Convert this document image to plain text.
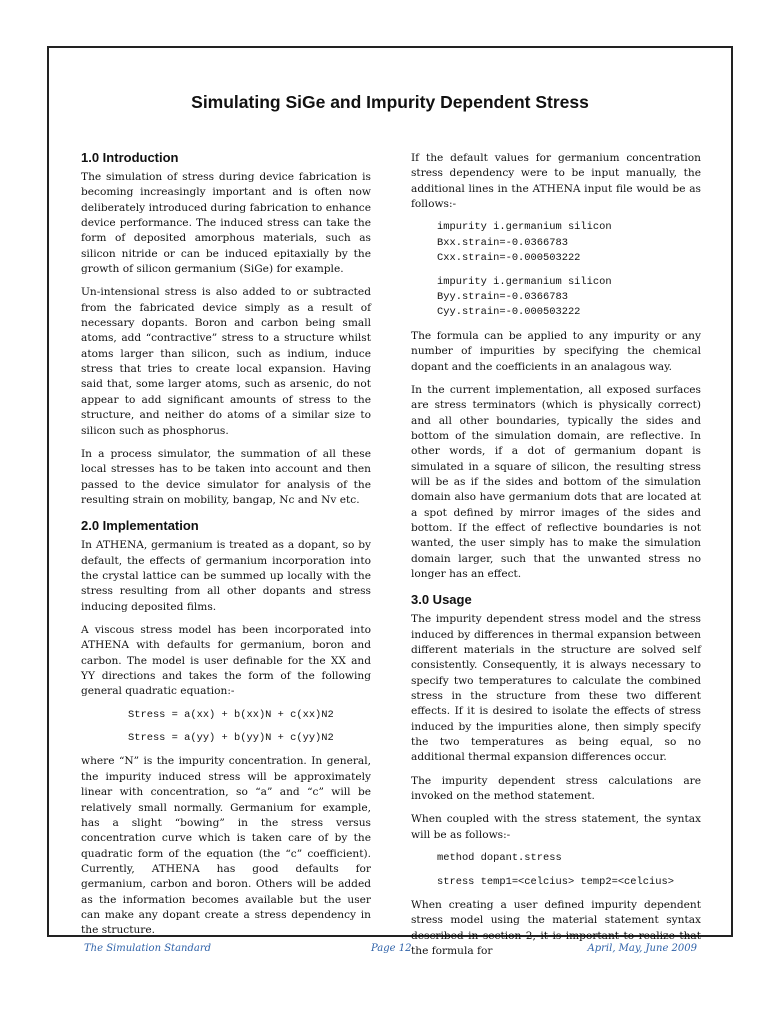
Simulating SiGe and Impurity Dependent Stress
1.0 Introduction

The simulation of stress during device fabrication is becoming increasingly important and is often now deliberately introduced during fabrication to enhance device performance. The induced stress can take the form of deposited amorphous materials, such as silicon nitride or can be induced epitaxially by the growth of silicon germanium (SiGe) for example.

Un-intensional stress is also added to or subtracted from the fabricated device simply as a result of necessary dopants. Boron and carbon being small atoms, add “contractive” stress to a structure whilst atoms larger than silicon, such as indium, induce stress that tries to create local expansion. Having said that, some larger atoms, such as arsenic, do not appear to add significant amounts of stress to the structure, and neither do atoms of a similar size to silicon such as phosphorus.

In a process simulator, the summation of all these local stresses has to be taken into account and then passed to the device simulator for analysis of the resulting strain on mobility, bangap, Nc and Nv etc.

2.0 Implementation

In ATHENA, germanium is treated as a dopant, so by default, the effects of germanium incorporation into the crystal lattice can be summed up locally with the stress resulting from all other dopants and stress inducing deposited films.

A viscous stress model has been incorporated into ATHENA with defaults for germanium, boron and carbon. The model is user definable for the XX and YY directions and takes the form of the following general quadratic equation:-

Stress = a(xx) + b(xx)N + c(xx)N2
Stress = a(yy) + b(yy)N + c(yy)N2

where “N” is the impurity concentration. In general, the impurity induced stress will be approximately linear with concentration, so “a” and “c” will be relatively small normally. Germanium for example, has a slight “bowing” in the stress versus concentration curve which is taken care of by the quadratic form of the equation (the “c” coefficient). Currently, ATHENA has good defaults for germanium, carbon and boron. Others will be added as the information becomes available but the user can make any dopant create a stress dependency in the structure.

If the default values for germanium concentration stress dependency were to be input manually, the additional lines in the ATHENA input file would be as follows:-

impurity i.germanium silicon
Bxx.strain=-0.0366783
Cxx.strain=-0.000503222
impurity i.germanium silicon
Byy.strain=-0.0366783
Cyy.strain=-0.000503222

The formula can be applied to any impurity or any number of impurities by specifying the chemical dopant and the coefficients in an analagous way.

In the current implementation, all exposed surfaces are stress terminators (which is physically correct) and all other boundaries, typically the sides and bottom of the simulation domain, are reflective. In other words, if a dot of germanium dopant is simulated in a square of silicon, the resulting stress will be as if the sides and bottom of the simulation domain also have germanium dots that are located at a spot defined by mirror images of the sides and bottom. If the effect of reflective boundaries is not wanted, the user simply has to make the simulation domain larger, such that the unwanted stress no longer has an effect.

3.0 Usage

The impurity dependent stress model and the stress induced by differences in thermal expansion between different materials in the structure are solved self consistently. Consequently, it is always necessary to specify two temperatures to calculate the combined stress in the structure from these two different effects. If it is desired to isolate the effects of stress induced by the impurities alone, then simply specify the two temperatures as being equal, so no additional thermal expansion differences occur.

The impurity dependent stress calculations are invoked on the method statement.

When coupled with the stress statement, the syntax will be as follows:-

method dopant.stress
stress temp1=<celcius> temp2=<celcius>

When creating a user defined impurity dependent stress model using the material statement syntax described in section 2, it is important to realize that the formula for

The Simulation Standard	Page 12	April, May, June 2009
